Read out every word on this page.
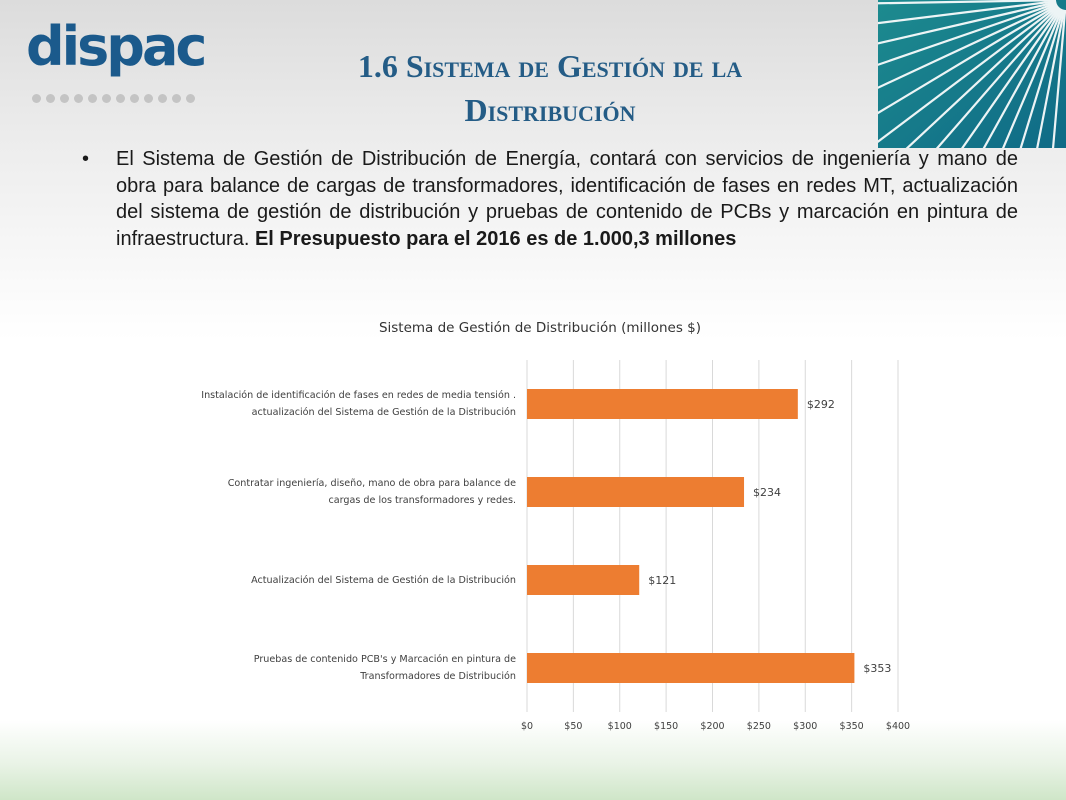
dispac	1.6 Sistema de Gestión de la
Distribución
• El Sistema de Gestión de Distribución de Energía, contará con servicios de ingeniería y mano de obra para balance de cargas de transformadores, identificación de fases en redes MT, actualización del sistema de gestión de distribución y pruebas de contenido de PCBs y marcación en pintura de infraestructura. El Presupuesto para el 2016 es de 1.000,3 millones
Sistema de Gestión de Distribución (millones $)
$0	$50	$100 $150 $200 $250 $300 $350 $400
$292
$234
$121
$353
Instalación de identificación de fases en redes de media tensión .
actualización del Sistema de Gestión de la Distribución
Contratar ingeniería, diseño, mano de obra para balance de
cargas de los transformadores y redes.
Actualización del Sistema de Gestión de la Distribución
Pruebas de contenido PCB's y Marcación en pintura de
Transformadores de Distribución
